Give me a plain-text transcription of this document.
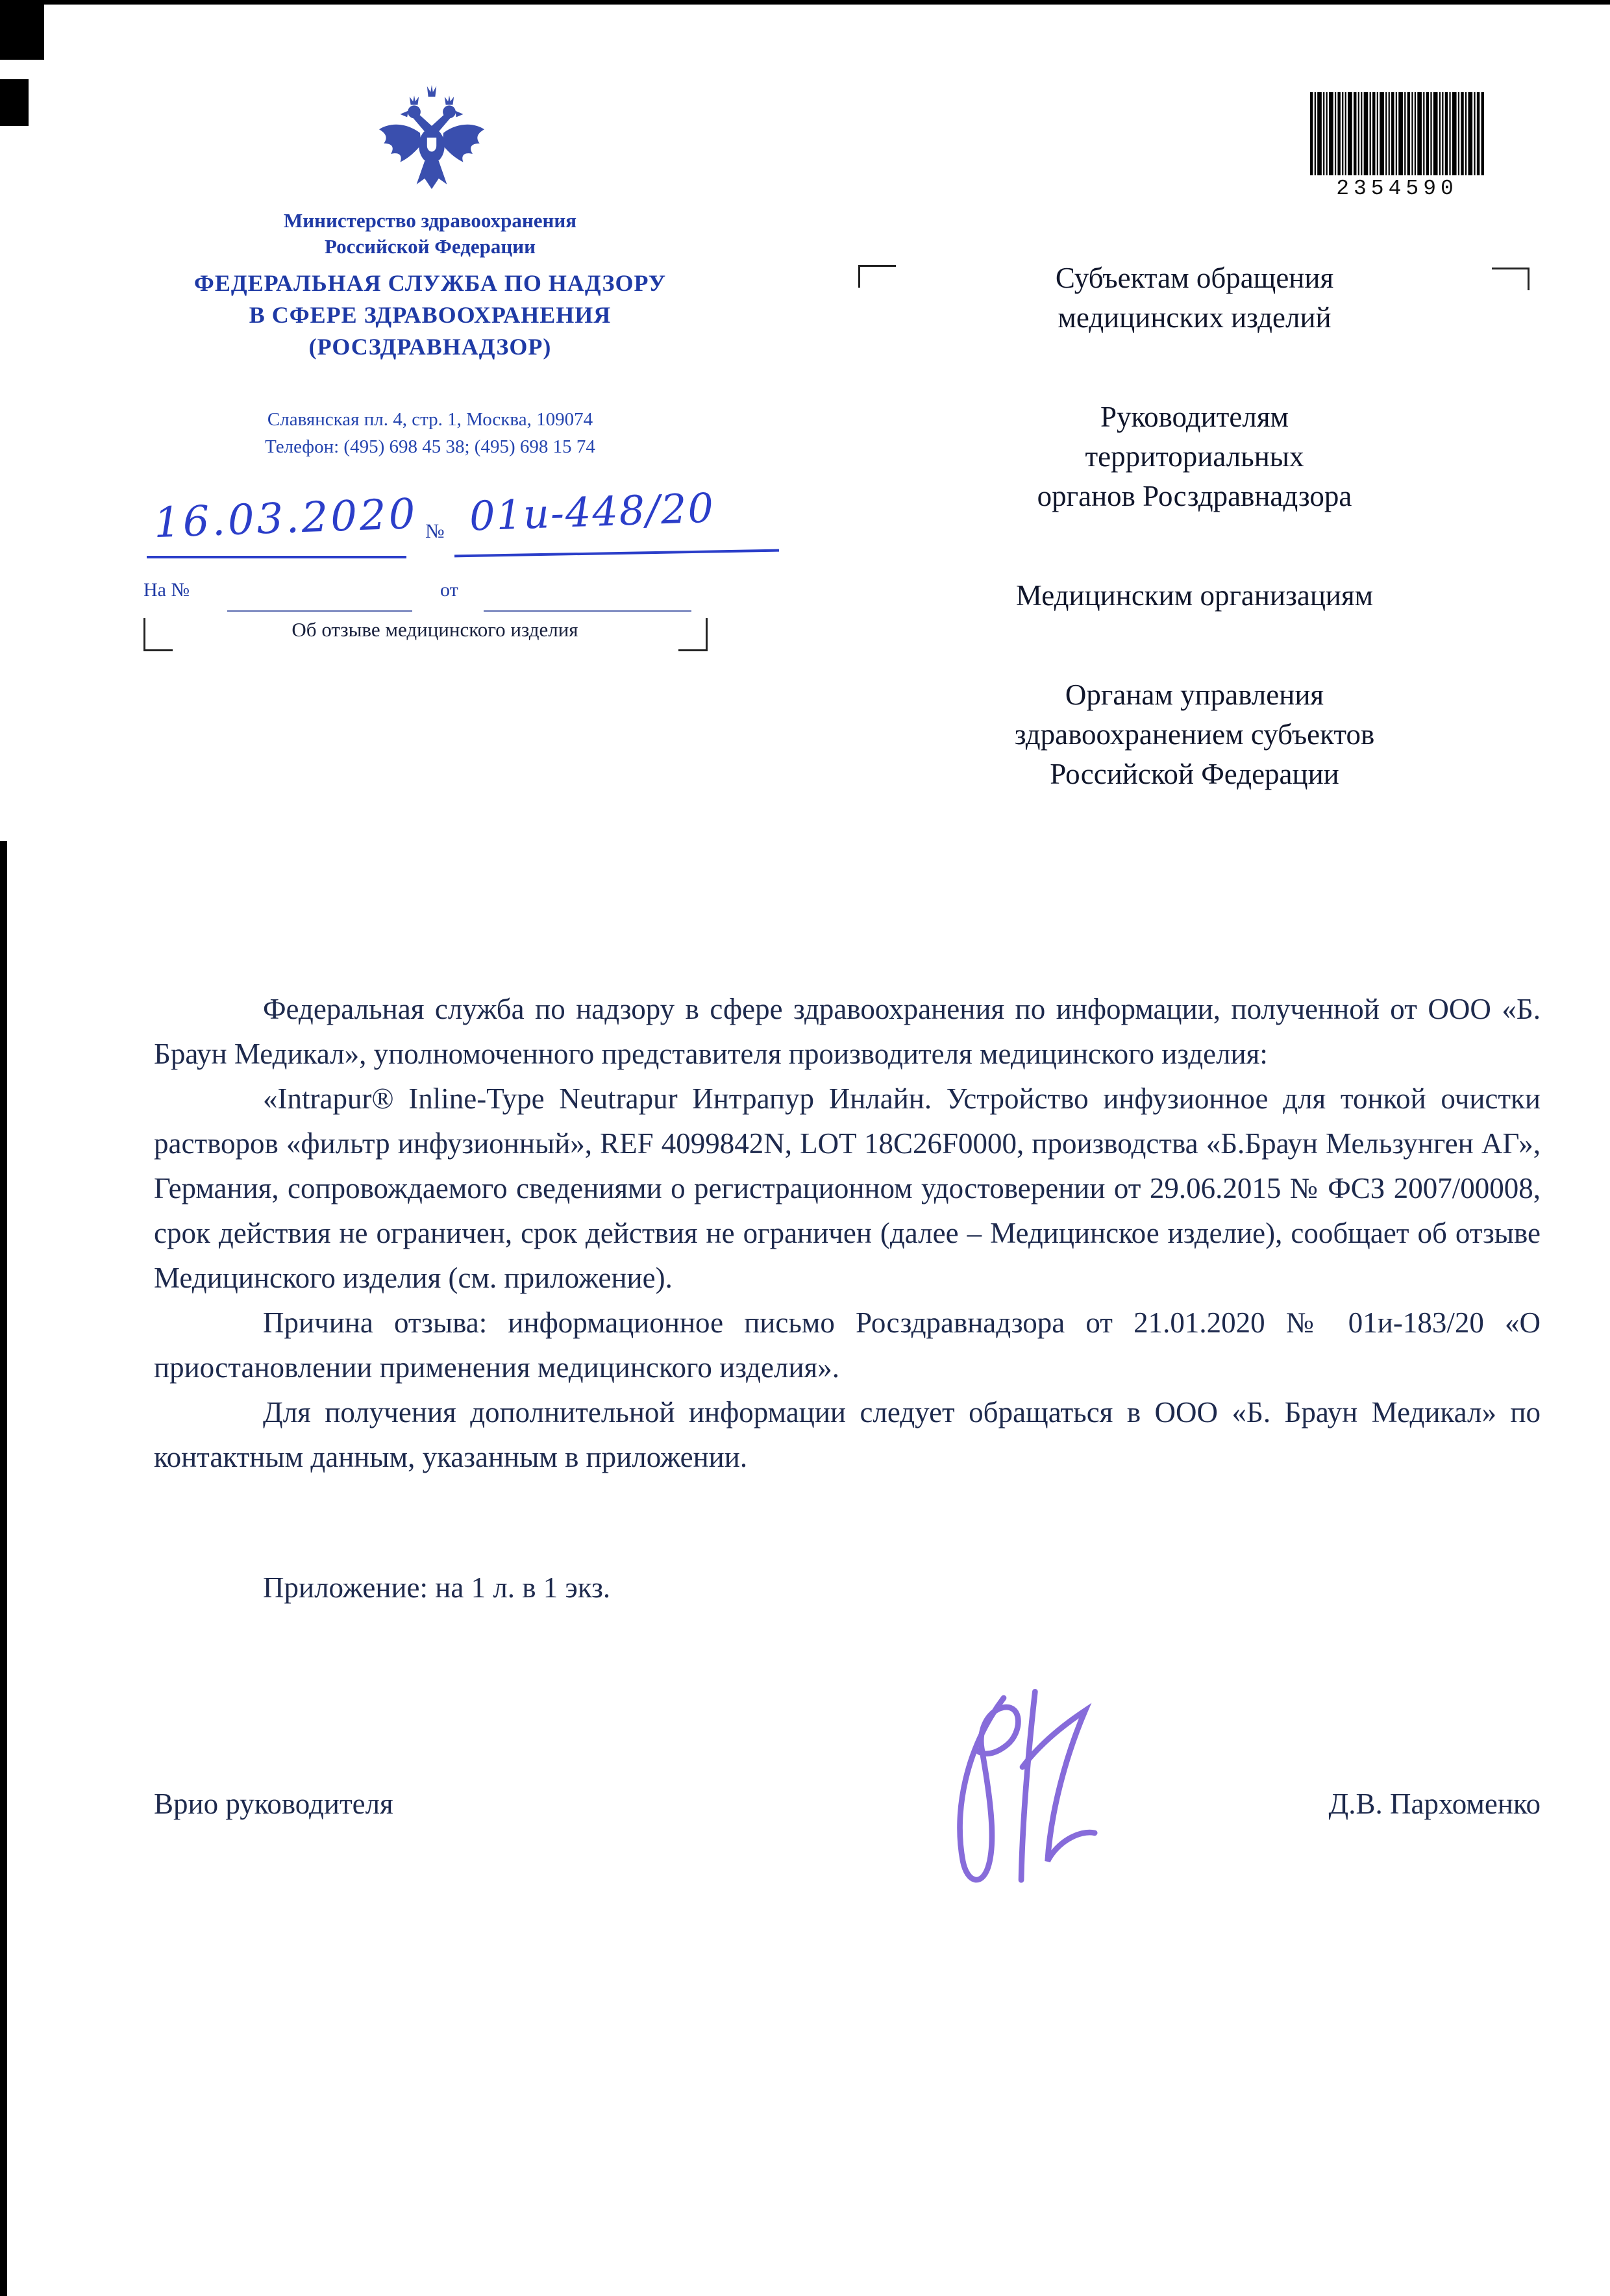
Министерство здравоохранения
Российской Федерации
ФЕДЕРАЛЬНАЯ СЛУЖБА ПО НАДЗОРУ
В СФЕРЕ ЗДРАВООХРАНЕНИЯ
(РОСЗДРАВНАДЗОР)
Славянская пл. 4, стр. 1, Москва, 109074
Телефон: (495) 698 45 38; (495) 698 15 74
16.03.2020 № 01и-448/20
На №	от
Об отзыве медицинского изделия
2354590
Субъектам обращения
медицинских изделий
Руководителям
территориальных
органов Росздравнадзора
Медицинским организациям
Органам управления
здравоохранением субъектов
Российской Федерации

Федеральная служба по надзору в сфере здравоохранения по информации, полученной от ООО «Б. Браун Медикал», уполномоченного представителя производителя медицинского изделия:

«Intrapur® Inline-Type Neutrapur Интрапур Инлайн. Устройство инфузионное для тонкой очистки растворов «фильтр инфузионный», REF 4099842N, LOT 18C26F0000, производства «Б.Браун Мельзунген АГ», Германия, сопровождаемого сведениями о регистрационном удостоверении от 29.06.2015 № ФСЗ 2007/00008, срок действия не ограничен, срок действия не ограничен (далее – Медицинское изделие), сообщает об отзыве Медицинского изделия (см. приложение).

Причина отзыва: информационное письмо Росздравнадзора от 21.01.2020 № 01и-183/20 «О приостановлении применения медицинского изделия».

Для получения дополнительной информации следует обращаться в ООО «Б. Браун Медикал» по контактным данным, указанным в приложении.

Приложение: на 1 л. в 1 экз.

Врио руководителя	Д.В. Пархоменко
